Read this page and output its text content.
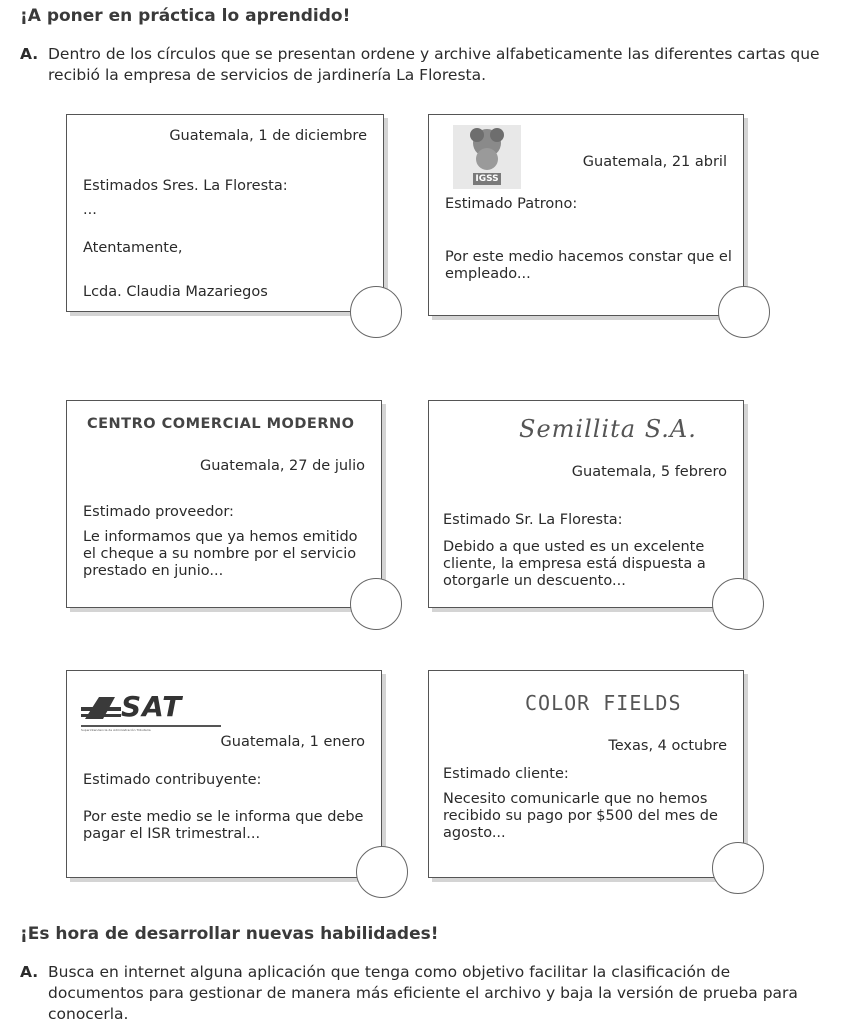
¡A poner en práctica lo aprendido!
A. Dentro de los círculos que se presentan ordene y archive alfabeticamente las diferentes cartas que recibió la empresa de servicios de jardinería La Floresta.
Guatemala, 1 de diciembre
Estimados Sres. La Floresta:
...
Atentamente,
Lcda. Claudia Mazariegos
IGSS
Guatemala, 21 abril
Estimado Patrono:
Por este medio hacemos constar que el empleado...
CENTRO COMERCIAL MODERNO
Guatemala, 27 de julio
Estimado proveedor:
Le informamos que ya hemos emitido el cheque a su nombre por el servicio prestado en junio...
Semillita S.A.
Guatemala, 5 febrero
Estimado Sr. La Floresta:
Debido a que usted es un excelente cliente, la empresa está dispuesta a otorgarle un descuento...
SAT
Superintendencia de Administración Tributaria
Guatemala, 1 enero
Estimado contribuyente:
Por este medio se le informa que debe pagar el ISR trimestral...
COLOR FIELDS
Texas, 4 octubre
Estimado cliente:
Necesito comunicarle que no hemos recibido su pago por $500 del mes de agosto...
¡Es hora de desarrollar nuevas habilidades!
A. Busca en internet alguna aplicación que tenga como objetivo facilitar la clasificación de documentos para gestionar de manera más eficiente el archivo y baja la versión de prueba para conocerla.
